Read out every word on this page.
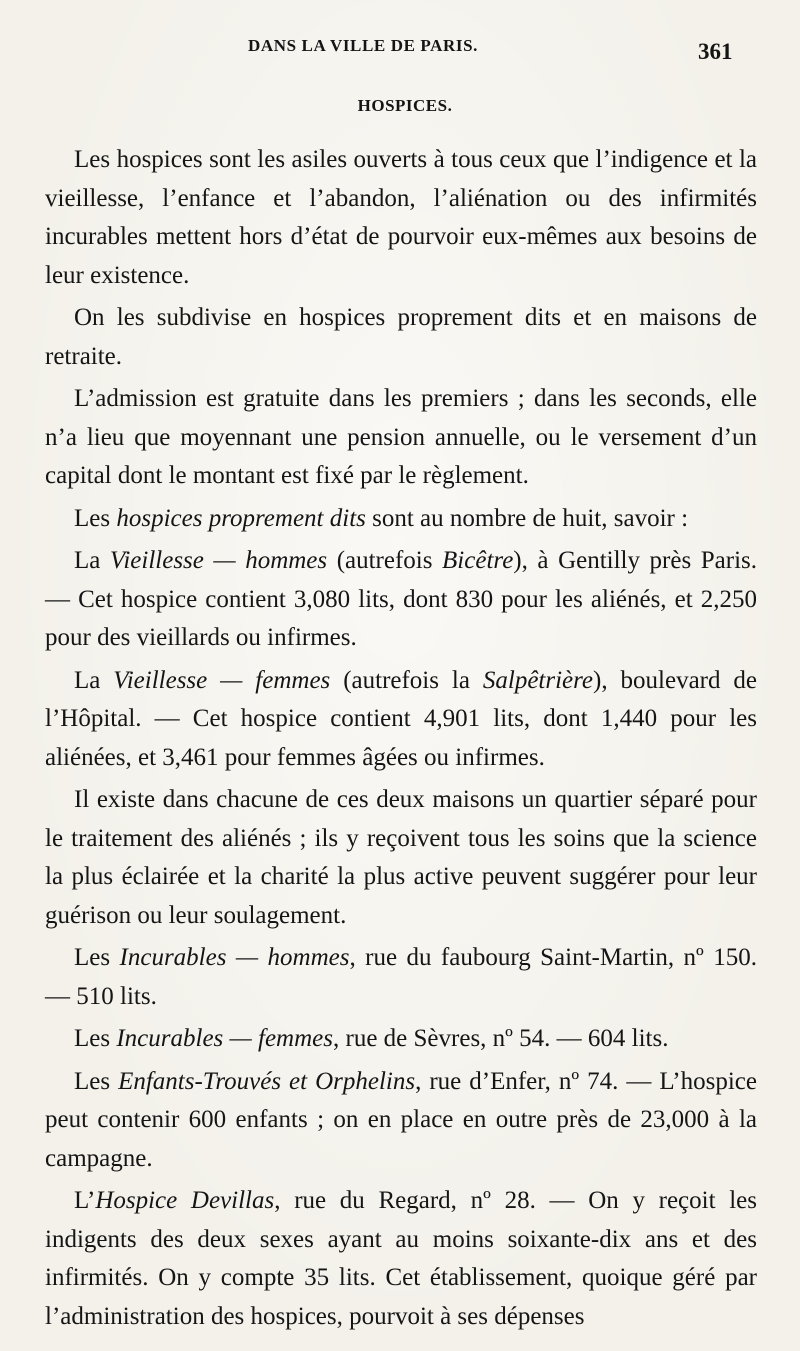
DANS LA VILLE DE PARIS.	361
HOSPICES.

Les hospices sont les asiles ouverts à tous ceux que l’indigence et la vieillesse, l’enfance et l’abandon, l’aliénation ou des infirmités incurables mettent hors d’état de pourvoir eux-mêmes aux besoins de leur existence.

On les subdivise en hospices proprement dits et en maisons de retraite.

L’admission est gratuite dans les premiers ; dans les seconds, elle n’a lieu que moyennant une pension annuelle, ou le versement d’un capital dont le montant est fixé par le règlement.

Les hospices proprement dits sont au nombre de huit, savoir :

La Vieillesse — hommes (autrefois Bicêtre), à Gentilly près Paris. — Cet hospice contient 3,080 lits, dont 830 pour les aliénés, et 2,250 pour des vieillards ou infirmes.

La Vieillesse — femmes (autrefois la Salpêtrière), boulevard de l’Hôpital. — Cet hospice contient 4,901 lits, dont 1,440 pour les aliénées, et 3,461 pour femmes âgées ou infirmes.

Il existe dans chacune de ces deux maisons un quartier séparé pour le traitement des aliénés ; ils y reçoivent tous les soins que la science la plus éclairée et la charité la plus active peuvent suggérer pour leur guérison ou leur soulagement.

Les Incurables — hommes, rue du faubourg Saint-Martin, nº 150. — 510 lits.

Les Incurables — femmes, rue de Sèvres, nº 54. — 604 lits.

Les Enfants-Trouvés et Orphelins, rue d’Enfer, nº 74. — L’hospice peut contenir 600 enfants ; on en place en outre près de 23,000 à la campagne.

L’Hospice Devillas, rue du Regard, nº 28. — On y reçoit les indigents des deux sexes ayant au moins soixante-dix ans et des infirmités. On y compte 35 lits. Cet établissement, quoique géré par l’administration des hospices, pourvoit à ses dépenses
